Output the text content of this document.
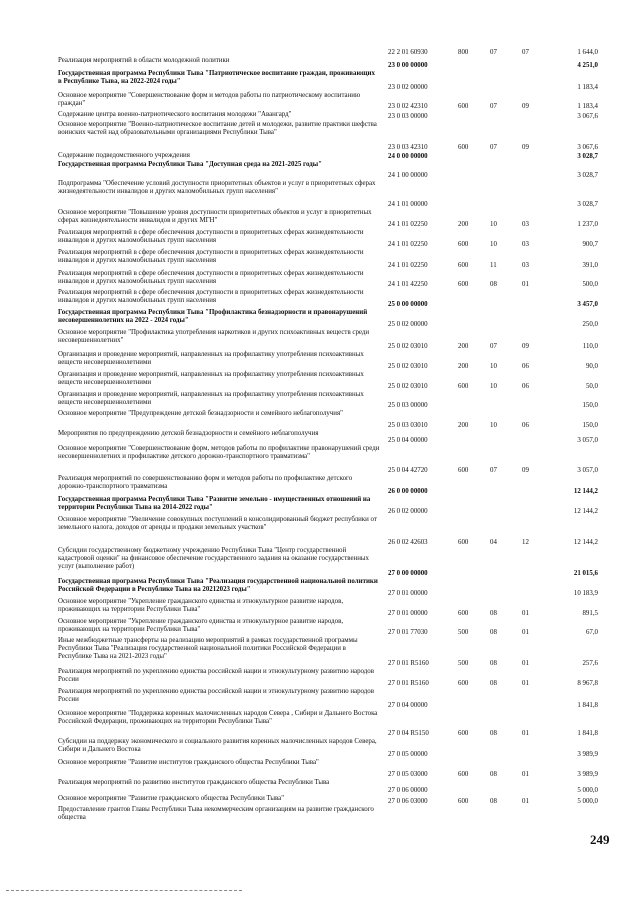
Реализация мероприятий в области молодежной политики
22 2 01 60930	800	07	07	1 644,0
Государственная программа Республики Тыва "Патриотическое воспитание граждан, проживающих в Республике Тыва, на 2022-2024 годы"
23 0 00 00000	4 251,0
Основное мероприятие "Совершенствование форм и методов работы по патриотическому воспитанию граждан"
23 0 02 00000	1 183,4
Содержание центра военно-патриотического воспитания молодежи "Авангард"
23 0 02 42310	600	07	09	1 183,4
Основное мероприятие "Военно-патриотическое воспитание детей и молодежи, развитие практики шефства воинских частей над образовательными организациями Республики Тыва"
23 0 03 00000	3 067,6
Содержание подведомственного учреждения
23 0 03 42310	600	07	09	3 067,6
Государственная программа Республики Тыва "Доступная среда на 2021-2025 годы"
24 0 00 00000	3 028,7
Подпрограмма "Обеспечение условий доступности приоритетных объектов и услуг в приоритетных сферах жизнедеятельности инвалидов и других маломобильных групп населения"
24 1 00 00000	3 028,7
Основное мероприятие "Повышение уровня доступности приоритетных объектов и услуг в приоритетных сферах жизнедеятельности инвалидов и других МГН"
24 1 01 00000	3 028,7
Реализация мероприятий в сфере обеспечения доступности в приоритетных сферах жизнедеятельности инвалидов и других маломобильных групп населения
24 1 01 02250	200	10	03	1 237,0
Реализация мероприятий в сфере обеспечения доступности в приоритетных сферах жизнедеятельности инвалидов и других маломобильных групп населения
24 1 01 02250	600	10	03	900,7
Реализация мероприятий в сфере обеспечения доступности в приоритетных сферах жизнедеятельности инвалидов и других маломобильных групп населения
24 1 01 02250	600	11	03	391,0
Реализация мероприятий в сфере обеспечения доступности в приоритетных сферах жизнедеятельности инвалидов и других маломобильных групп населения
24 1 01 42250	600	08	01	500,0
Государственная программа Республики Тыва "Профилактика безнадзорности и правонарушений несовершеннолетних на 2022 - 2024 годы"
25 0 00 00000	3 457,0
Основное мероприятие "Профилактика употребления наркотиков и других психоактивных веществ среди несовершеннолетних"
25 0 02 00000	250,0
Организация и проведение мероприятий, направленных на профилактику употребления психоактивных веществ несовершеннолетними
25 0 02 03010	200	07	09	110,0
Организация и проведение мероприятий, направленных на профилактику употребления психоактивных веществ несовершеннолетними
25 0 02 03010	200	10	06	90,0
Организация и проведение мероприятий, направленных на профилактику употребления психоактивных веществ несовершеннолетними
25 0 02 03010	600	10	06	50,0
Основное мероприятие "Предупреждение детской безнадзорности и семейного неблагополучия"
25 0 03 00000	150,0
Мероприятия по предупреждению детской безнадзорности и семейного неблагополучия
25 0 03 03010	200	10	06	150,0
Основное мероприятие "Совершенствование форм, методов работы по профилактике правонарушений среди несовершеннолетних и профилактике детского дорожно-транспортного травматизма"
25 0 04 00000	3 057,0
Реализация мероприятий по совершенствованию форм и методов работы по профилактике детского дорожно-транспортного травматизма
25 0 04 42720	600	07	09	3 057,0
Государственная программа Республики Тыва "Развитие земельно - имущественных отношений на территории Республики Тыва на 2014-2022 годы"
26 0 00 00000	12 144,2
Основное мероприятие "Увеличение совокупных поступлений в консолидированный бюджет республики от земельного налога, доходов от аренды и продажи земельных участков"
26 0 02 00000	12 144,2
Субсидии государственному бюджетному учреждению Республики Тыва "Центр государственной кадастровой оценки" на финансовое обеспечение государственного задания на оказание государственных услуг (выполнение работ)
26 0 02 42603	600	04	12	12 144,2
Государственная программа Республики Тыва "Реализация государственной национальной политики Российской Федерации в Республике Тыва на 20212023 годы"
27 0 00 00000	21 015,6
Основное мероприятие "Укрепление гражданского единства и этнокультурное развитие народов, проживающих на территории Республики Тыва"
27 0 01 00000	10 183,9
Основное мероприятие "Укрепление гражданского единства и этнокультурное развитие народов, проживающих на территории Республики Тыва"
27 0 01 00000	600	08	01	891,5
Иные межбюджетные трансферты на реализацию мероприятий в рамках государственной программы Республики Тыва "Реализация государственной национальной политики Российской Федерации в Республике Тыва на 2021-2023 годы"
27 0 01 77030	500	08	01	67,0
Реализация мероприятий по укреплению единства российской нации и этнокультурному развитию народов России
27 0 01 R5160	500	08	01	257,6
Реализация мероприятий по укреплению единства российской нации и этнокультурному развитию народов России
27 0 01 R5160	600	08	01	8 967,8
Основное мероприятие "Поддержка коренных малочисленных народов Севера , Сибири и Дальнего Востока Российской Федерации, проживающих на территории Республики Тыва"
27 0 04 00000	1 841,8
Субсидии на поддержку экономического и социального развития коренных малочисленных народов Севера, Сибири и Дальнего Востока
27 0 04 R5150	600	08	01	1 841,8
Основное мероприятие "Развитие институтов гражданского общества Республики Тыва"
27 0 05 00000	3 989,9
Реализация мероприятий по развитию институтов гражданского общества Республики Тыва
27 0 05 03000	600	08	01	3 989,9
Основное мероприятие "Развитие гражданского общества Республики Тыва"
27 0 06 00000	5 000,0
Предоставление грантов Главы Республики Тыва некоммерческим организациям на развитие гражданского общества
27 0 06 03000	600	08	01	5 000,0
249
